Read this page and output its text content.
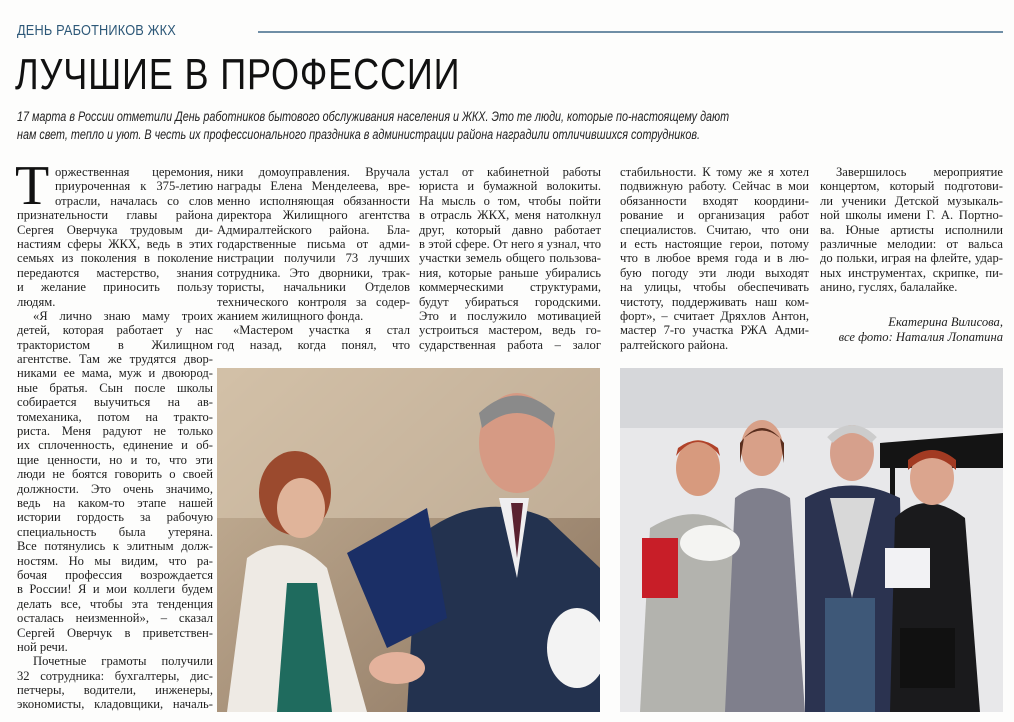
ДЕНЬ РАБОТНИКОВ ЖКХ
ЛУЧШИЕ В ПРОФЕССИИ
17 марта в России отметили День работников бытового обслуживания населения и ЖКХ. Это те люди, которые по-настоящему дают
нам свет, тепло и уют. В честь их профессионального праздника в администрации района наградили отличившихся сотрудников.
Т оржественная церемония,
приуроченная к 375-летию
отрасли, началась со слов
признательности главы района
Сергея Оверчука трудовым ди-
настиям сферы ЖКХ, ведь в этих
семьях из поколения в поколение
передаются мастерство, знания
и желание приносить пользу
людям.
«Я лично знаю маму троих
детей, которая работает у нас
трактористом в Жилищном
агентстве. Там же трудятся двор-
никами ее мама, муж и двоюрод-
ные братья. Сын после школы
собирается выучиться на ав-
томеханика, потом на тракто-
риста. Меня радуют не только
их сплоченность, единение и об-
щие ценности, но и то, что эти
люди не боятся говорить о своей
должности. Это очень значимо,
ведь на каком-то этапе нашей
истории гордость за рабочую
специальность была утеряна.
Все потянулись к элитным долж-
ностям. Но мы видим, что ра-
бочая профессия возрождается
в России! Я и мои коллеги будем
делать все, чтобы эта тенденция
осталась неизменной», – сказал
Сергей Оверчук в приветствен-
ной речи.
Почетные грамоты получили
32 сотрудника: бухгалтеры, дис-
петчеры, водители, инженеры,
экономисты, кладовщики, началь-
ники домоуправления. Вручала
награды Елена Менделеева, вре-
менно исполняющая обязанности
директора Жилищного агентства
Адмиралтейского района. Бла-
годарственные письма от адми-
нистрации получили 73 лучших
сотрудника. Это дворники, трак-
тористы, начальники Отделов
технического контроля за содер-
жанием жилищного фонда.
«Мастером участка я стал
год назад, когда понял, что
устал от кабинетной работы
юриста и бумажной волокиты.
На мысль о том, чтобы пойти
в отрасль ЖКХ, меня натолкнул
друг, который давно работает
в этой сфере. От него я узнал, что
участки земель общего пользова-
ния, которые раньше убирались
коммерческими структурами,
будут убираться городскими.
Это и послужило мотивацией
устроиться мастером, ведь го-
сударственная работа – залог
стабильности. К тому же я хотел
подвижную работу. Сейчас в мои
обязанности входят координи-
рование и организация работ
специалистов. Считаю, что они
и есть настоящие герои, потому
что в любое время года и в лю-
бую погоду эти люди выходят
на улицы, чтобы обеспечивать
чистоту, поддерживать наш ком-
форт», – считает Дряхлов Антон,
мастер 7-го участка РЖА Адми-
ралтейского района.
Завершилось мероприятие
концертом, который подготови-
ли ученики Детской музыкаль-
ной школы имени Г. А. Портно-
ва. Юные артисты исполнили
различные мелодии: от вальса
до польки, играя на флейте, удар-
ных инструментах, скрипке, пи-
анино, гуслях, балалайке.
Екатерина Вилисова,
все фото: Наталия Лопатина
